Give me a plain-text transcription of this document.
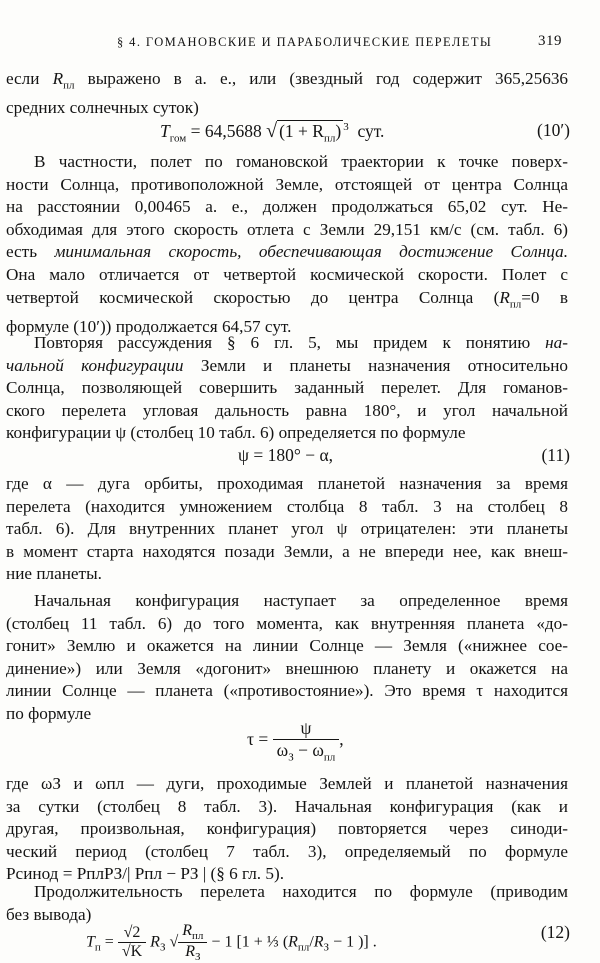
§ 4. ГОМАНОВСКИЕ И ПАРАБОЛИЧЕСКИЕ ПЕРЕЛЕТЫ	319
если $R_{пл}$ выражено в а. е., или (звездный год содержит 365,25636
средних солнечных суток)
$T_{гом} = 64,5688$ √ $(1 + R_{пл})$ $^3$ сут.	(10′)
В частности, полет по гомановской траектории к точке поверх-
ности Солнца, противоположной Земле, отстоящей от центра Солнца
на расстоянии 0,00465 а. е., должен продолжаться 65,02 сут. Не-
обходимая для этого скорость отлета с Земли 29,151 км/с (см. табл. 6)
есть минимальная скорость, обеспечивающая достижение Солнца.
Она мало отличается от четвертой космической скорости. Полет с
четвертой космической скоростью до центра Солнца ($R_{пл}=0$ в
формуле (10′)) продолжается 64,57 сут.
Повторяя рассуждения § 6 гл. 5, мы придем к понятию на-
чальной конфигурации Земли и планеты назначения относительно
Солнца, позволяющей совершить заданный перелет. Для гоманов-
ского перелета угловая дальность равна 180°, и угол начальной
конфигурации ψ (столбец 10 табл. 6) определяется по формуле
ψ = 180° − α,	(11)
где α — дуга орбиты, проходимая планетой назначения за время
перелета (находится умножением столбца 8 табл. 3 на столбец 8
табл. 6). Для внутренних планет угол ψ отрицателен: эти планеты
в момент старта находятся позади Земли, а не впереди нее, как внеш-
ние планеты.
Начальная конфигурация наступает за определенное время
(столбец 11 табл. 6) до того момента, как внутренняя планета «до-
гонит» Землю и окажется на линии Солнце — Земля («нижнее сое-
динение») или Земля «догонит» внешнюю планету и окажется на
линии Солнце — планета («противостояние»). Это время τ находится
по формуле
$\tau = \frac{\psi}{\omega_З - \omega_{пл}}$ ,
где ωЗ и ωпл — дуги, проходимые Землей и планетой назначения
за сутки (столбец 8 табл. 3). Начальная конфигурация (как и
другая, произвольная, конфигурация) повторяется через синоди-
ческий период (столбец 7 табл. 3), определяемый по формуле
Pсинод = PплPЗ/| Pпл − PЗ | (§ 6 гл. 5).
Продолжительность перелета находится по формуле (приводим
без вывода)
$T_п = \frac{√2}{√K} R_З$ √ $\frac{R_{пл}}{R_З} - 1$ [1 + ⅓ ($R_{пл}/R_З - 1$ )] .	(12)
